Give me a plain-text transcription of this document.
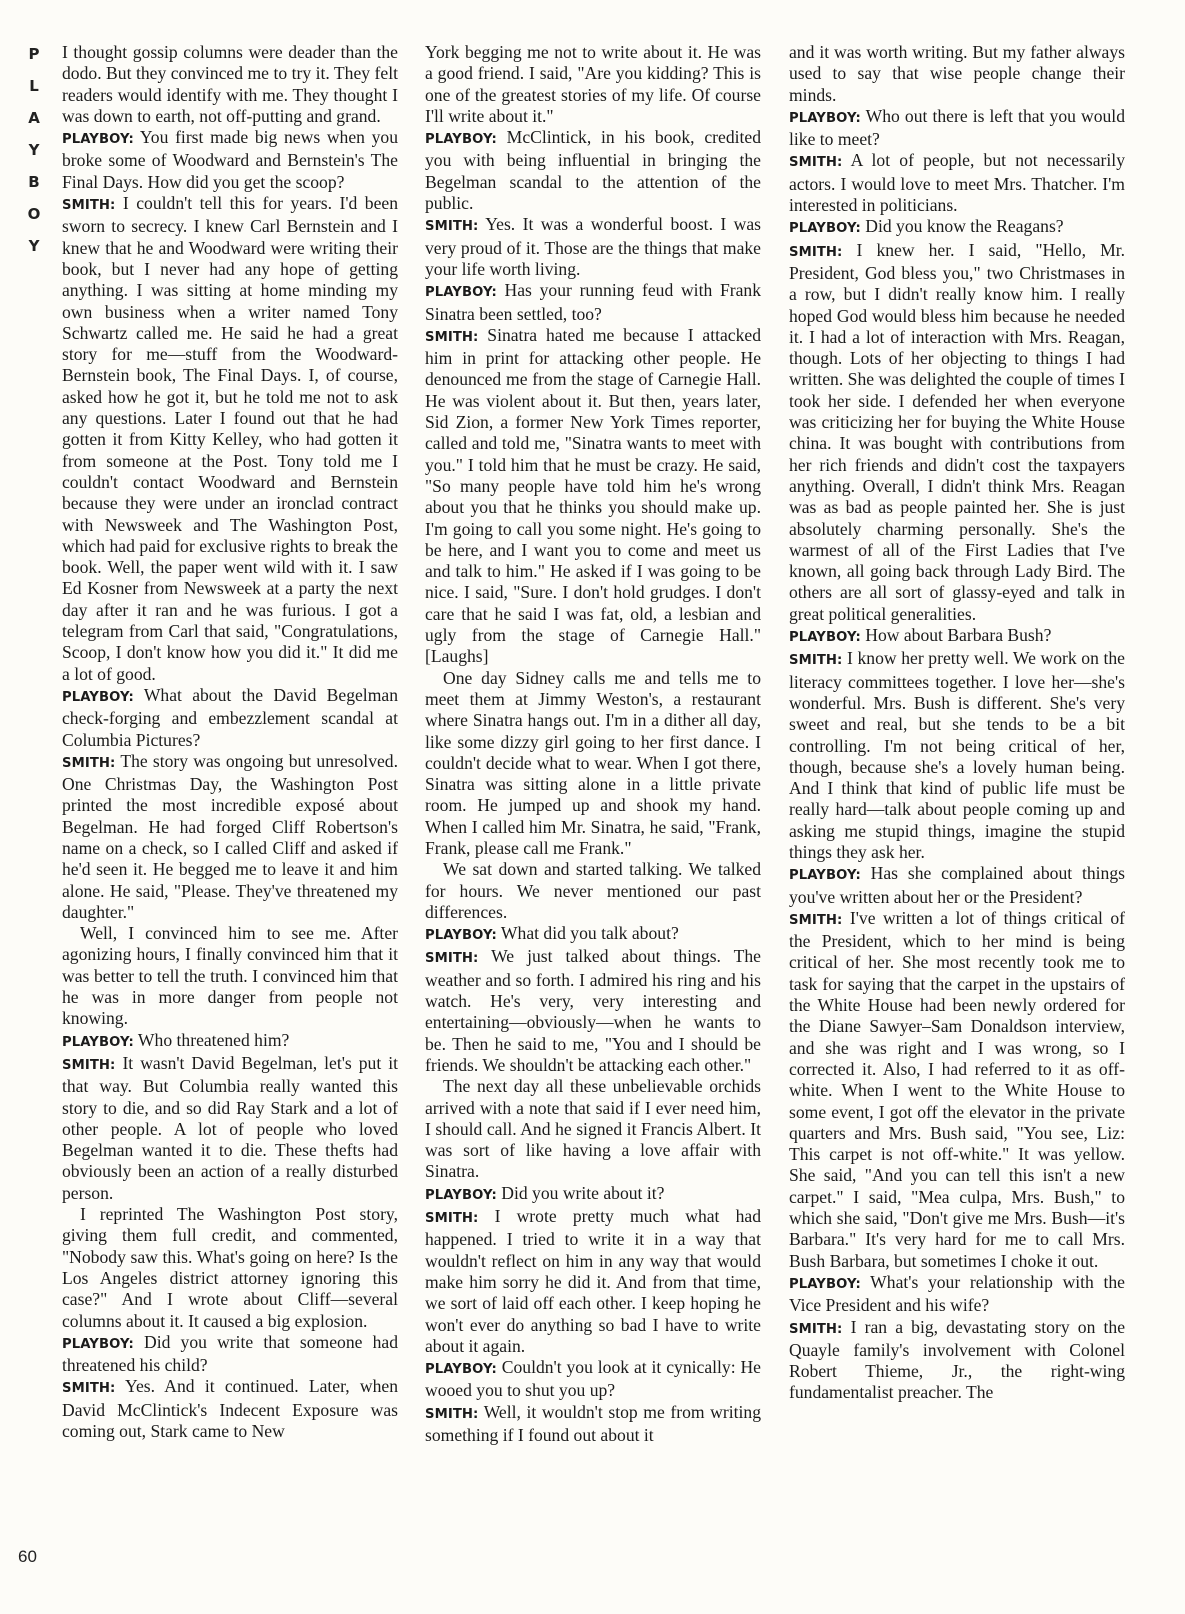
P
L
A
Y
B
O
Y
60

I thought gossip columns were deader than the dodo. But they convinced me to try it. They felt readers would identify with me. They thought I was down to earth, not off-putting and grand.

PLAYBOY: You first made big news when you broke some of Woodward and Bernstein's The Final Days. How did you get the scoop?

SMITH: I couldn't tell this for years. I'd been sworn to secrecy. I knew Carl Bernstein and I knew that he and Woodward were writing their book, but I never had any hope of getting anything. I was sitting at home minding my own business when a writer named Tony Schwartz called me. He said he had a great story for me—stuff from the Woodward-Bernstein book, The Final Days. I, of course, asked how he got it, but he told me not to ask any questions. Later I found out that he had gotten it from Kitty Kelley, who had gotten it from someone at the Post. Tony told me I couldn't contact Woodward and Bernstein because they were under an ironclad contract with Newsweek and The Washington Post, which had paid for exclusive rights to break the book. Well, the paper went wild with it. I saw Ed Kosner from Newsweek at a party the next day after it ran and he was furious. I got a telegram from Carl that said, "Congratulations, Scoop, I don't know how you did it." It did me a lot of good.

PLAYBOY: What about the David Begelman check-forging and embezzlement scandal at Columbia Pictures?

SMITH: The story was ongoing but unresolved. One Christmas Day, the Washington Post printed the most incredible exposé about Begelman. He had forged Cliff Robertson's name on a check, so I called Cliff and asked if he'd seen it. He begged me to leave it and him alone. He said, "Please. They've threatened my daughter."

Well, I convinced him to see me. After agonizing hours, I finally convinced him that it was better to tell the truth. I convinced him that he was in more danger from people not knowing.

PLAYBOY: Who threatened him?

SMITH: It wasn't David Begelman, let's put it that way. But Columbia really wanted this story to die, and so did Ray Stark and a lot of other people. A lot of people who loved Begelman wanted it to die. These thefts had obviously been an action of a really disturbed person.

I reprinted The Washington Post story, giving them full credit, and commented, "Nobody saw this. What's going on here? Is the Los Angeles district attorney ignoring this case?" And I wrote about Cliff—several columns about it. It caused a big explosion.

PLAYBOY: Did you write that someone had threatened his child?

SMITH: Yes. And it continued. Later, when David McClintick's Indecent Exposure was coming out, Stark came to New

York begging me not to write about it. He was a good friend. I said, "Are you kidding? This is one of the greatest stories of my life. Of course I'll write about it."

PLAYBOY: McClintick, in his book, credited you with being influential in bringing the Begelman scandal to the attention of the public.

SMITH: Yes. It was a wonderful boost. I was very proud of it. Those are the things that make your life worth living.

PLAYBOY: Has your running feud with Frank Sinatra been settled, too?

SMITH: Sinatra hated me because I attacked him in print for attacking other people. He denounced me from the stage of Carnegie Hall. He was violent about it. But then, years later, Sid Zion, a former New York Times reporter, called and told me, "Sinatra wants to meet with you." I told him that he must be crazy. He said, "So many people have told him he's wrong about you that he thinks you should make up. I'm going to call you some night. He's going to be here, and I want you to come and meet us and talk to him." He asked if I was going to be nice. I said, "Sure. I don't hold grudges. I don't care that he said I was fat, old, a lesbian and ugly from the stage of Carnegie Hall." [Laughs]

One day Sidney calls me and tells me to meet them at Jimmy Weston's, a restaurant where Sinatra hangs out. I'm in a dither all day, like some dizzy girl going to her first dance. I couldn't decide what to wear. When I got there, Sinatra was sitting alone in a little private room. He jumped up and shook my hand. When I called him Mr. Sinatra, he said, "Frank, Frank, please call me Frank."

We sat down and started talking. We talked for hours. We never mentioned our past differences.

PLAYBOY: What did you talk about?

SMITH: We just talked about things. The weather and so forth. I admired his ring and his watch. He's very, very interesting and entertaining—obviously—when he wants to be. Then he said to me, "You and I should be friends. We shouldn't be attacking each other."

The next day all these unbelievable orchids arrived with a note that said if I ever need him, I should call. And he signed it Francis Albert. It was sort of like having a love affair with Sinatra.

PLAYBOY: Did you write about it?

SMITH: I wrote pretty much what had happened. I tried to write it in a way that wouldn't reflect on him in any way that would make him sorry he did it. And from that time, we sort of laid off each other. I keep hoping he won't ever do anything so bad I have to write about it again.

PLAYBOY: Couldn't you look at it cynically: He wooed you to shut you up?

SMITH: Well, it wouldn't stop me from writing something if I found out about it

and it was worth writing. But my father always used to say that wise people change their minds.

PLAYBOY: Who out there is left that you would like to meet?

SMITH: A lot of people, but not necessarily actors. I would love to meet Mrs. Thatcher. I'm interested in politicians.

PLAYBOY: Did you know the Reagans?

SMITH: I knew her. I said, "Hello, Mr. President, God bless you," two Christmases in a row, but I didn't really know him. I really hoped God would bless him because he needed it. I had a lot of interaction with Mrs. Reagan, though. Lots of her objecting to things I had written. She was delighted the couple of times I took her side. I defended her when everyone was criticizing her for buying the White House china. It was bought with contributions from her rich friends and didn't cost the taxpayers anything. Overall, I didn't think Mrs. Reagan was as bad as people painted her. She is just absolutely charming personally. She's the warmest of all of the First Ladies that I've known, all going back through Lady Bird. The others are all sort of glassy-eyed and talk in great political generalities.

PLAYBOY: How about Barbara Bush?

SMITH: I know her pretty well. We work on the literacy committees together. I love her—she's wonderful. Mrs. Bush is different. She's very sweet and real, but she tends to be a bit controlling. I'm not being critical of her, though, because she's a lovely human being. And I think that kind of public life must be really hard—talk about people coming up and asking me stupid things, imagine the stupid things they ask her.

PLAYBOY: Has she complained about things you've written about her or the President?

SMITH: I've written a lot of things critical of the President, which to her mind is being critical of her. She most recently took me to task for saying that the carpet in the upstairs of the White House had been newly ordered for the Diane Sawyer–Sam Donaldson interview, and she was right and I was wrong, so I corrected it. Also, I had referred to it as off-white. When I went to the White House to some event, I got off the elevator in the private quarters and Mrs. Bush said, "You see, Liz: This carpet is not off-white." It was yellow. She said, "And you can tell this isn't a new carpet." I said, "Mea culpa, Mrs. Bush," to which she said, "Don't give me Mrs. Bush—it's Barbara." It's very hard for me to call Mrs. Bush Barbara, but sometimes I choke it out.

PLAYBOY: What's your relationship with the Vice President and his wife?

SMITH: I ran a big, devastating story on the Quayle family's involvement with Colonel Robert Thieme, Jr., the right-wing fundamentalist preacher. The
